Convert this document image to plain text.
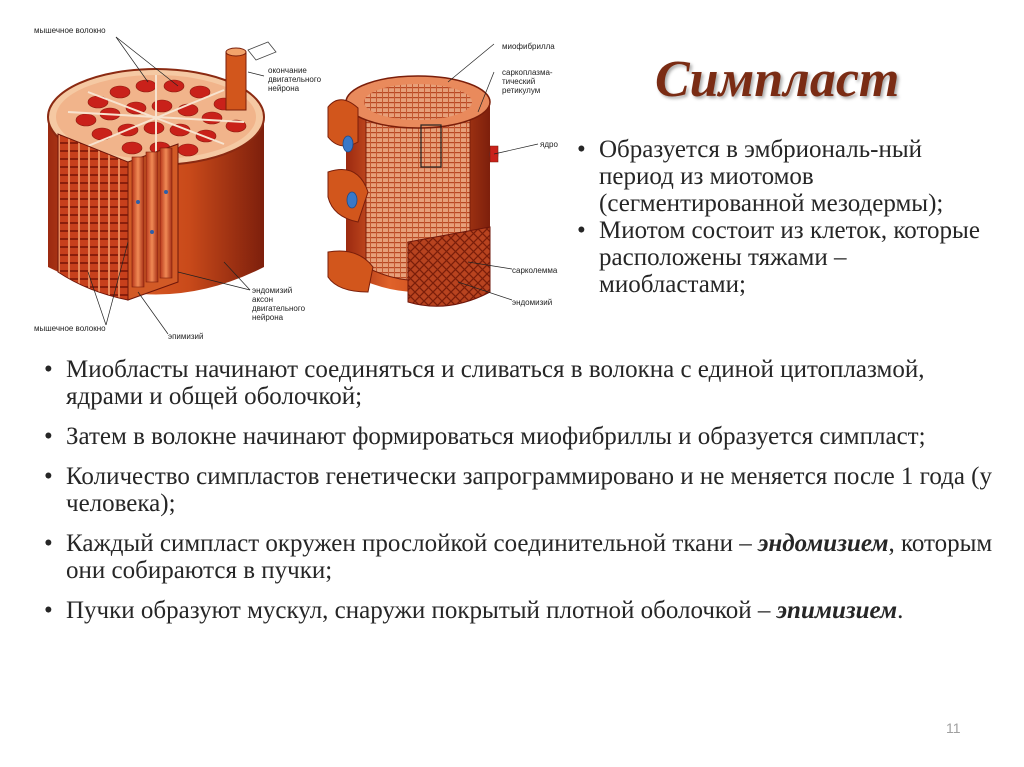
мышечное волокно
окончание
двигательного
нейрона
миофибрилла
саркоплазма-
тический
ретикулум
ядро
сарколемма
эндомизий
эндомизий
аксон
двигательного
нейрона
мышечное волокно
эпимизий
Симпласт
• Образуется в эмбриональ-ный период из миотомов (сегментированной мезодермы);
• Миотом состоит из клеток, которые расположены тяжами – миобластами;
• Миобласты начинают соединяться и сливаться в волокна с единой цитоплазмой, ядрами и общей оболочкой;
• Затем в волокне начинают формироваться миофибриллы и образуется симпласт;
• Количество симпластов генетически запрограммировано и не меняется после 1 года (у человека);
• Каждый симпласт окружен прослойкой соединительной ткани – эндомизием, которым они собираются в пучки;
• Пучки образуют мускул, снаружи покрытый плотной оболочкой – эпимизием.
11
